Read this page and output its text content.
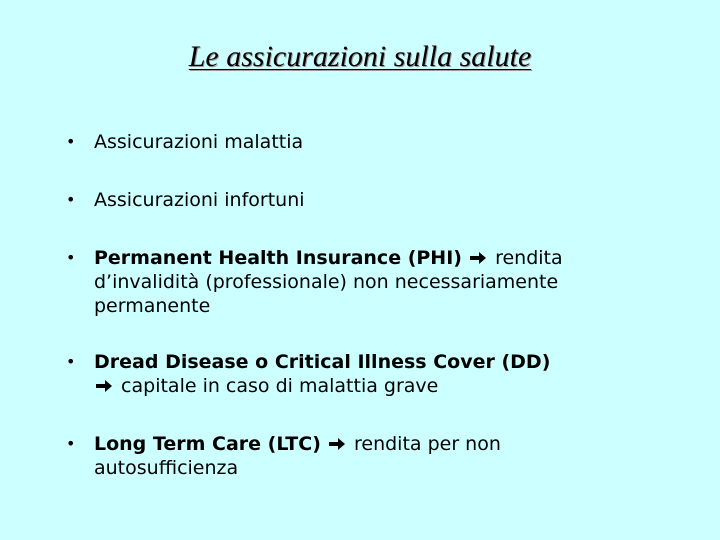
Le assicurazioni sulla salute
• Assicurazioni malattia
• Assicurazioni infortuni
• Permanent Health Insurance (PHI) rendita
d’invalidità (professionale) non necessariamente
permanente
• Dread Disease o Critical Illness Cover (DD)
capitale in caso di malattia grave
• Long Term Care (LTC) rendita per non
autosufficienza
